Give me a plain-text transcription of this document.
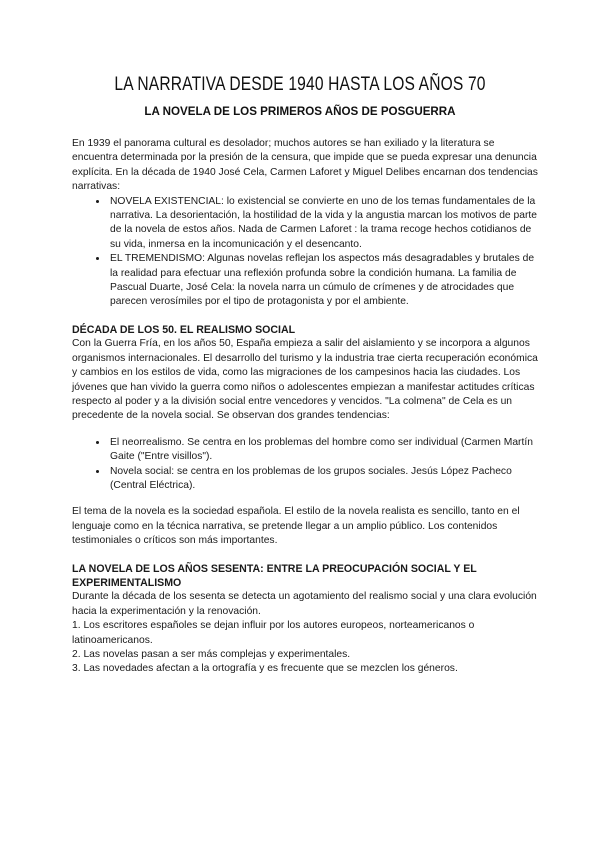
LA NARRATIVA DESDE 1940 HASTA LOS AÑOS 70
LA NOVELA DE LOS PRIMEROS AÑOS DE POSGUERRA

En 1939 el panorama cultural es desolador; muchos autores se han exiliado y la literatura se encuentra determinada por la presión de la censura, que impide que se pueda expresar una denuncia explícita. En la década de 1940 José Cela, Carmen Laforet y Miguel Delibes encarnan dos tendencias narrativas:

• NOVELA EXISTENCIAL: lo existencial se convierte en uno de los temas fundamentales de la narrativa. La desorientación, la hostilidad de la vida y la angustia marcan los motivos de parte de la novela de estos años. Nada de Carmen Laforet : la trama recoge hechos cotidianos de su vida, inmersa en la incomunicación y el desencanto.
• EL TREMENDISMO: Algunas novelas reflejan los aspectos más desagradables y brutales de la realidad para efectuar una reflexión profunda sobre la condición humana. La familia de Pascual Duarte, José Cela: la novela narra un cúmulo de crímenes y de atrocidades que parecen verosímiles por el tipo de protagonista y por el ambiente.
DÉCADA DE LOS 50. EL REALISMO SOCIAL

Con la Guerra Fría, en los años 50, España empieza a salir del aislamiento y se incorpora a algunos organismos internacionales. El desarrollo del turismo y la industria trae cierta recuperación económica y cambios en los estilos de vida, como las migraciones de los campesinos hacia las ciudades. Los jóvenes que han vivido la guerra como niños o adolescentes empiezan a manifestar actitudes críticas respecto al poder y a la división social entre vencedores y vencidos. "La colmena" de Cela es un precedente de la novela social. Se observan dos grandes tendencias:

• El neorrealismo. Se centra en los problemas del hombre como ser individual (Carmen Martín Gaite ("Entre visillos").
• Novela social: se centra en los problemas de los grupos sociales. Jesús López Pacheco (Central Eléctrica).

El tema de la novela es la sociedad española. El estilo de la novela realista es sencillo, tanto en el lenguaje como en la técnica narrativa, se pretende llegar a un amplio público. Los contenidos testimoniales o críticos son más importantes.

LA NOVELA DE LOS AÑOS SESENTA: ENTRE LA PREOCUPACIÓN SOCIAL Y EL EXPERIMENTALISMO

Durante la década de los sesenta se detecta un agotamiento del realismo social y una clara evolución hacia la experimentación y la renovación.

1. Los escritores españoles se dejan influir por los autores europeos, norteamericanos o latinoamericanos.

2. Las novelas pasan a ser más complejas y experimentales.

3. Las novedades afectan a la ortografía y es frecuente que se mezclen los géneros.
